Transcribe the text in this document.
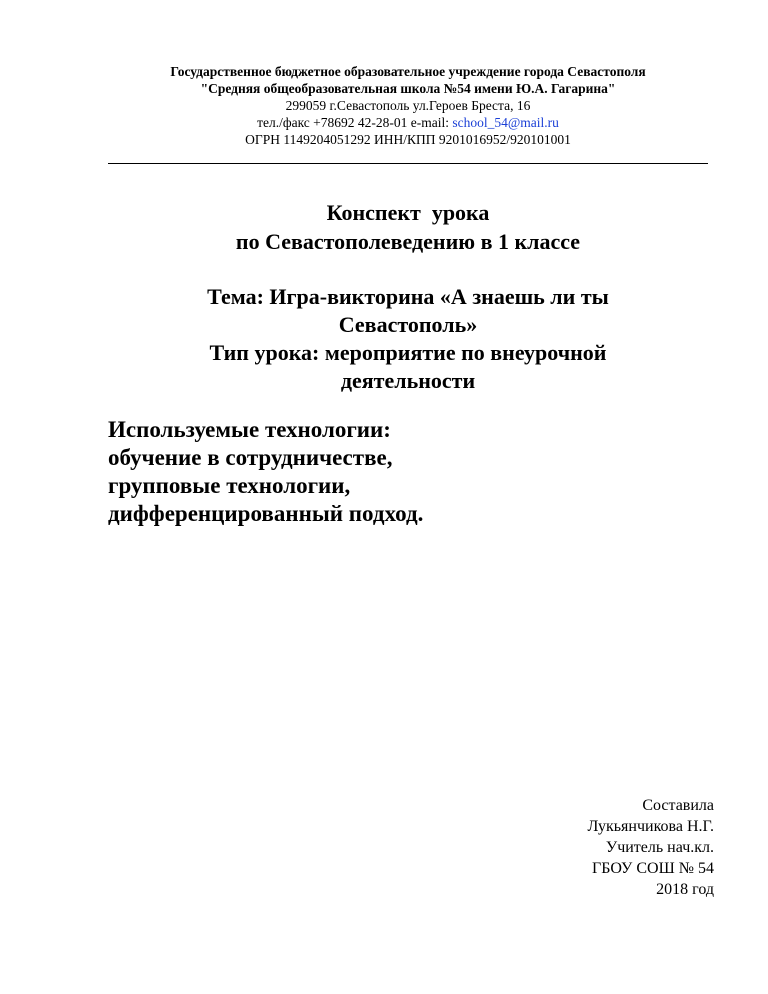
Государственное бюджетное образовательное учреждение города Севастополя
"Средняя общеобразовательная школа №54 имени Ю.А. Гагарина"
299059 г.Севастополь ул.Героев Бреста, 16
тел./факс +78692 42-28-01 e-mail: school_54@mail.ru
ОГРН 1149204051292 ИНН/КПП 9201016952/920101001
Конспект  урока
по Севастополеведению в 1 классе
Тема: Игра-викторина «А знаешь ли ты
Севастополь»
Тип урока: мероприятие по внеурочной
деятельности
Используемые технологии:
обучение в сотрудничестве,
групповые технологии,
дифференцированный подход.
Составила
Лукьянчикова Н.Г.
Учитель нач.кл.
ГБОУ СОШ № 54
2018 год
